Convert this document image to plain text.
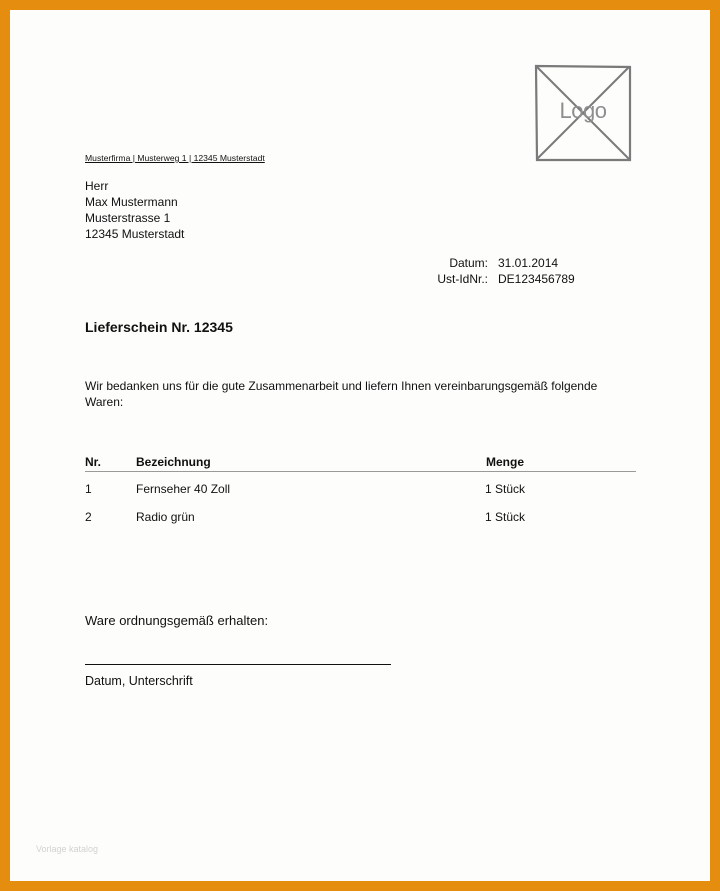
Logo
Musterfirma | Musterweg 1 | 12345 Musterstadt
Herr
Max Mustermann
Musterstrasse 1
12345 Musterstadt
Datum: 31.01.2014
Ust-IdNr.: DE123456789
Lieferschein Nr. 12345
Wir bedanken uns für die gute Zusammenarbeit und liefern Ihnen vereinbarungsgemäß folgende Waren:
Nr.	Bezeichnung	Menge
1	Fernseher 40 Zoll	1 Stück
2	Radio grün	1 Stück
Ware ordnungsgemäß erhalten:
Datum, Unterschrift
Vorlage katalog
